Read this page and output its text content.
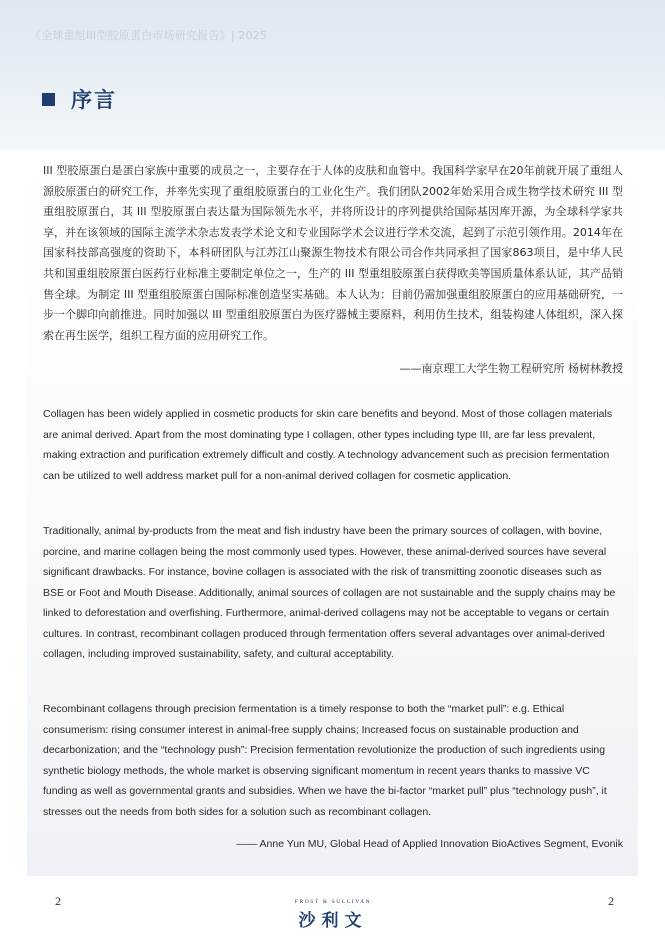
《全球重组III型胶原蛋白市场研究报告》| 2025
序言
III 型胶原蛋白是蛋白家族中重要的成员之一，主要存在于人体的皮肤和血管中。我国科学家早在20年前就开展了重组人源胶原蛋白的研究工作，并率先实现了重组胶原蛋白的工业化生产。我们团队2002年始采用合成生物学技术研究 III 型重组胶原蛋白，其 III 型胶原蛋白表达量为国际领先水平，并将所设计的序列提供给国际基因库开源，为全球科学家共享，并在该领域的国际主流学术杂志发表学术论文和专业国际学术会议进行学术交流，起到了示范引领作用。2014年在国家科技部高强度的资助下，本科研团队与江苏江山聚源生物技术有限公司合作共同承担了国家863项目，是中华人民共和国重组胶原蛋白医药行业标准主要制定单位之一，生产的 III 型重组胶原蛋白获得欧美等国质量体系认证，其产品销售全球。为制定 III 型重组胶原蛋白国际标准创造坚实基础。本人认为：目前仍需加强重组胶原蛋白的应用基础研究，一步一个脚印向前推进。同时加强以 III 型重组胶原蛋白为医疗器械主要原料，利用仿生技术，组装构建人体组织，深入探索在再生医学，组织工程方面的应用研究工作。
——南京理工大学生物工程研究所 杨树林教授

Collagen has been widely applied in cosmetic products for skin care benefits and beyond. Most of those collagen materials are animal derived. Apart from the most dominating type I collagen, other types including type III, are far less prevalent, making extraction and purification extremely difficult and costly. A technology advancement such as precision fermentation can be utilized to well address market pull for a non-animal derived collagen for cosmetic application.

Traditionally, animal by-products from the meat and fish industry have been the primary sources of collagen, with bovine, porcine, and marine collagen being the most commonly used types. However, these animal-derived sources have several significant drawbacks. For instance, bovine collagen is associated with the risk of transmitting zoonotic diseases such as BSE or Foot and Mouth Disease. Additionally, animal sources of collagen are not sustainable and the supply chains may be linked to deforestation and overfishing. Furthermore, animal-derived collagens may not be acceptable to vegans or certain cultures. In contrast, recombinant collagen produced through fermentation offers several advantages over animal-derived collagen, including improved sustainability, safety, and cultural acceptability.

Recombinant collagens through precision fermentation is a timely response to both the “market pull”: e.g. Ethical consumerism: rising consumer interest in animal-free supply chains; Increased focus on sustainable production and decarbonization; and the “technology push”: Precision fermentation revolutionize the production of such ingredients using synthetic biology methods, the whole market is observing significant momentum in recent years thanks to massive VC funding as well as governmental grants and subsidies. When we have the bi-factor “market pull” plus “technology push”, it stresses out the needs from both sides for a solution such as recombinant collagen.

—— Anne Yun MU, Global Head of Applied Innovation BioActives Segment, Evonik
2	2
FROST & SULLIVAN
沙利文
